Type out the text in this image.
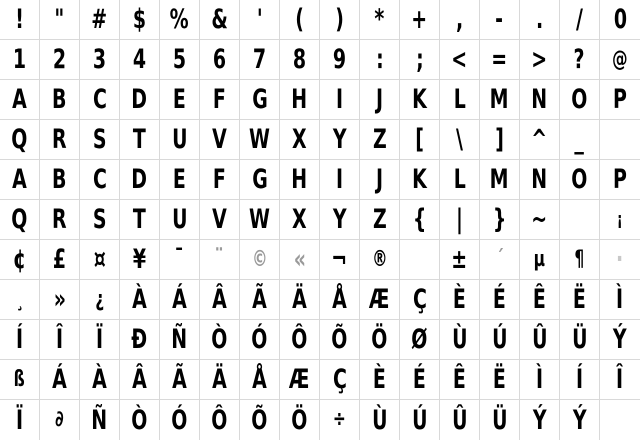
! " # $ % & ' ( ) * + , - . / 0
1 2 3 4 5 6 7 8 9 : ; < = > ? @
A B C D E F G H I J K L M N O P
Q R S T U V W X Y Z [ \ ] ^ _
A B C D E F G H I J K L M N O P
Q R S T U V W X Y Z { | } ~	¡
¢ £ ¤ ¥ ¯ ¨ © « ¬ ® ± ´ µ ¶ ·
¸ » ¿ À Á Â Ã Ä Å Æ Ç È É Ê Ë Ì
Í Î Ï Ð Ñ Ò Ó Ô Õ Ö Ø Ù Ú Û Ü Ý
ß Á À Â Ã Ä Å Æ Ç È É Ê Ë Ì Í Î
Ï ∂ Ñ Ò Ó Ô Õ Ö ÷ Ù Ú Û Ü Ý Ý
